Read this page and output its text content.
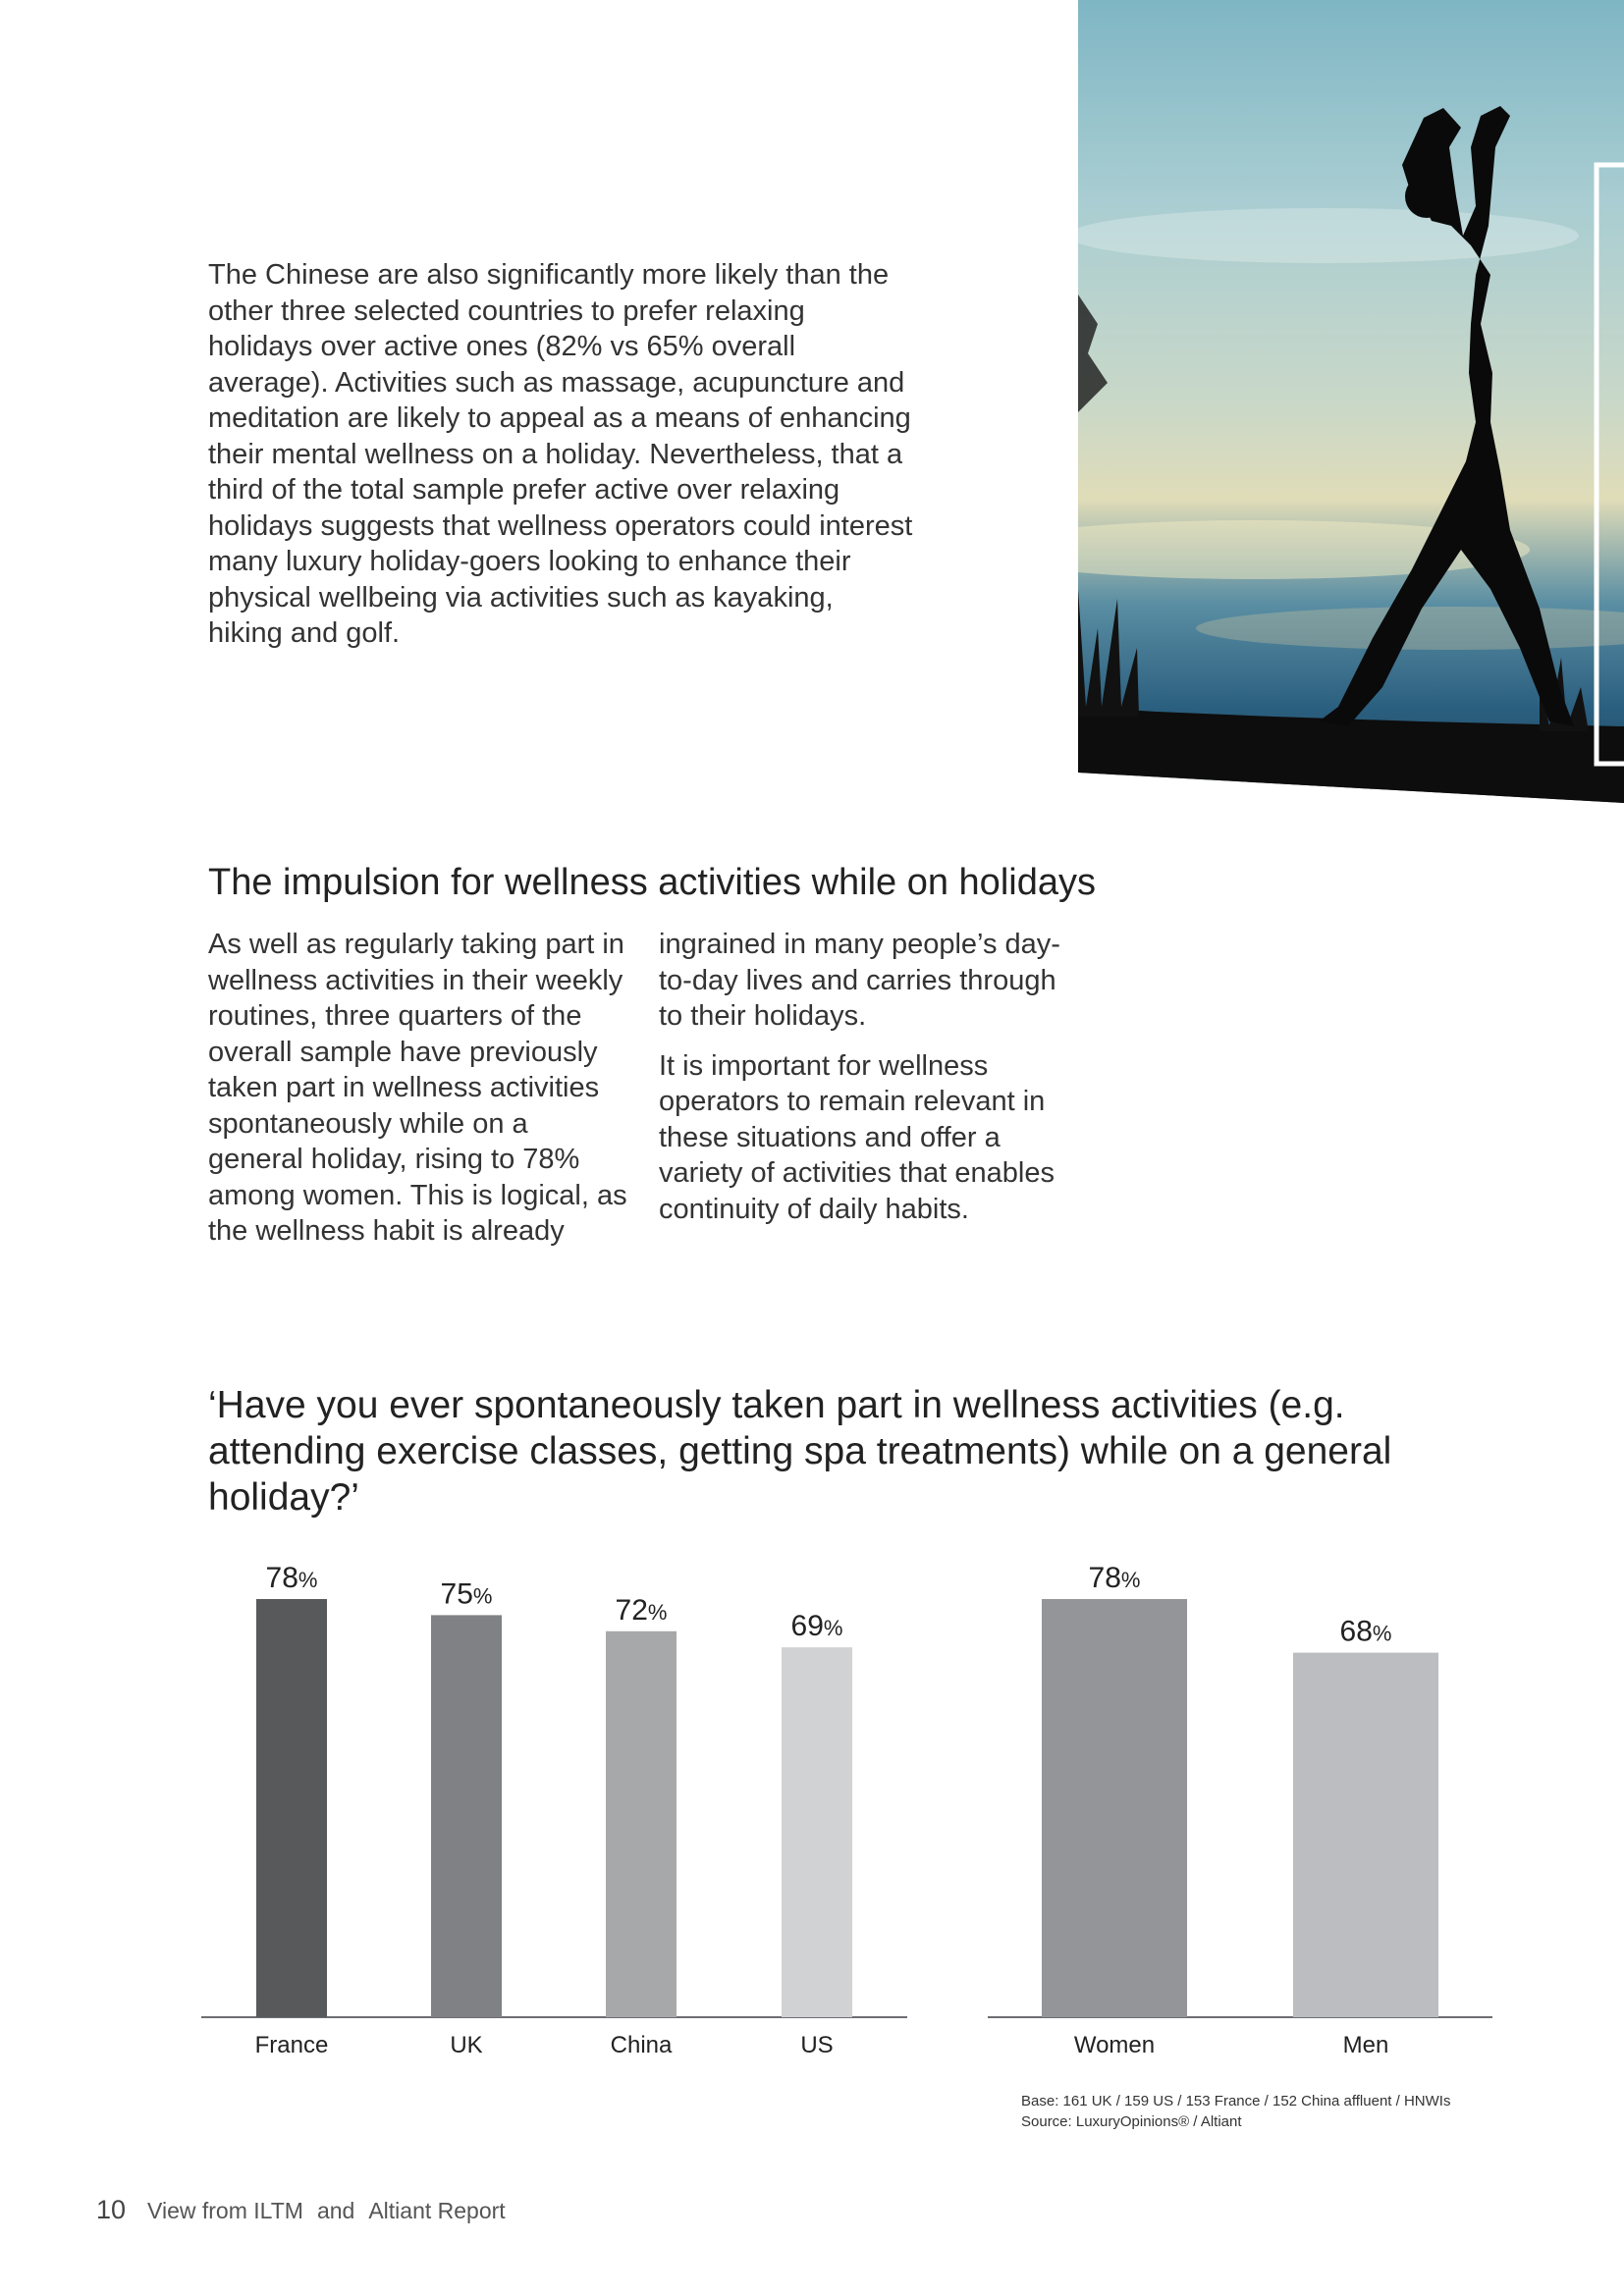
The Chinese are also significantly more likely than the other three selected countries to prefer relaxing holidays over active ones (82% vs 65% overall average). Activities such as massage, acupuncture and meditation are likely to appeal as a means of enhancing their mental wellness on a holiday. Nevertheless, that a third of the total sample prefer active over relaxing holidays suggests that wellness operators could interest many luxury holiday-goers looking to enhance their physical wellbeing via activities such as kayaking, hiking and golf.
The impulsion for wellness activities while on holidays

As well as regularly taking part in wellness activities in their weekly routines, three quarters of the overall sample have previously taken part in wellness activities spontaneously while on a general holiday, rising to 78% among women. This is logical, as the wellness habit is already

ingrained in many people’s day-to-day lives and carries through to their holidays.

It is important for wellness operators to remain relevant in these situations and offer a variety of activities that enables continuity of daily habits.

‘Have you ever spontaneously taken part in wellness activities (e.g. attending exercise classes, getting spa treatments) while on a general holiday?’
78%
France
75%
UK
72%
China
69%
US
78%
Women
68%
Men
Base: 161 UK / 159 US / 153 France / 152 China affluent / HNWIs
Source: LuxuryOpinions® / Altiant
10 View from ILTM and Altiant Report
